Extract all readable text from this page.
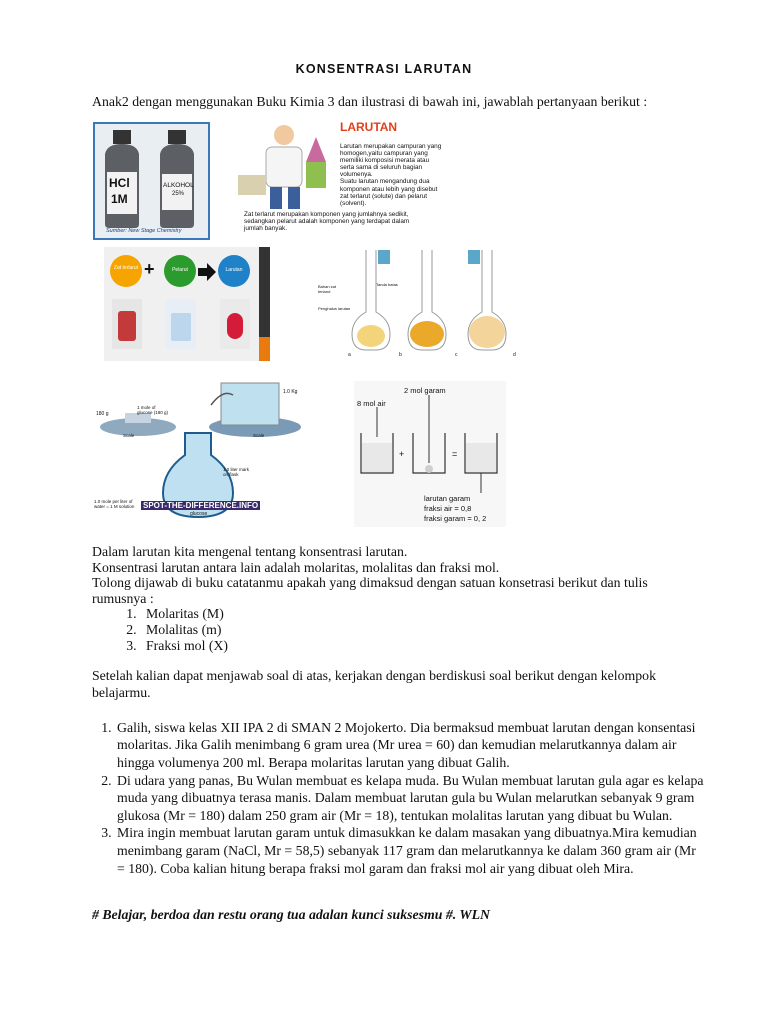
KONSENTRASI LARUTAN
Anak2 dengan menggunakan Buku Kimia 3 dan ilustrasi di bawah ini, jawablah pertanyaan berikut :
HCl
1M
ALKOHOL
25%
Sumber: New Stage Chemistry
LARUTAN
Larutan merupakan campuran yang
homogen,yaitu campuran yang
memiliki komposisi merata atau
serta sama di seluruh bagian
volumenya.
Suatu larutan mengandung dua
komponen atau lebih yang disebut
zat terlarut (solute) dan pelarut
(solvent).
Zat terlarut merupakan komponen yang jumlahnya sedikit,
sedangkan pelarut adalah komponen yang terdapat dalam
jumlah banyak.
Zat terlarut +	Pelarut	Larutan
Bahan zat
terlarut
Tanda batas
Penghalus larutan
a	b	c	d
180 g
1 mole of
glucose (180 g)
1.0 Kg
Scale	Scale
1.0 liter mark
on flask
glucose
1.0 mole per liter of
water = 1 M solution SPOT-THE-DIFFERENCE.INFO
2 mol garam
8 mol air
+	=
larutan garam
fraksi air = 0,8
fraksi garam = 0, 2
Dalam larutan kita mengenal tentang konsentrasi larutan.
Konsentrasi larutan antara lain adalah molaritas, molalitas dan fraksi mol.
Tolong dijawab di buku catatanmu apakah yang dimaksud dengan satuan konsetrasi berikut dan tulis
rumusnya :
1. Molaritas (M)
2. Molalitas (m)
3. Fraksi mol (X)
Setelah kalian dapat menjawab soal di atas, kerjakan dengan berdiskusi soal berikut dengan kelompok belajarmu.
1. Galih, siswa kelas XII IPA 2 di SMAN 2 Mojokerto. Dia bermaksud membuat larutan dengan konsentasi molaritas. Jika Galih menimbang 6 gram urea (Mr urea = 60) dan kemudian melarutkannya dalam air hingga volumenya 200 ml. Berapa molaritas larutan yang dibuat Galih.
2. Di udara yang panas, Bu Wulan membuat es kelapa muda. Bu Wulan membuat larutan gula agar es kelapa muda yang dibuatnya terasa manis. Dalam membuat larutan gula bu Wulan melarutkan sebanyak 9 gram glukosa (Mr = 180) dalam 250 gram air (Mr = 18), tentukan molalitas larutan yang dibuat bu Wulan.
3. Mira ingin membuat larutan garam untuk dimasukkan ke dalam masakan yang dibuatnya.Mira kemudian menimbang garam (NaCl, Mr = 58,5) sebanyak 117 gram dan melarutkannya ke dalam 360 gram air (Mr = 180). Coba kalian hitung berapa fraksi mol garam dan fraksi mol air yang dibuat oleh Mira.
# Belajar, berdoa dan restu orang tua adalan kunci suksesmu #. WLN
